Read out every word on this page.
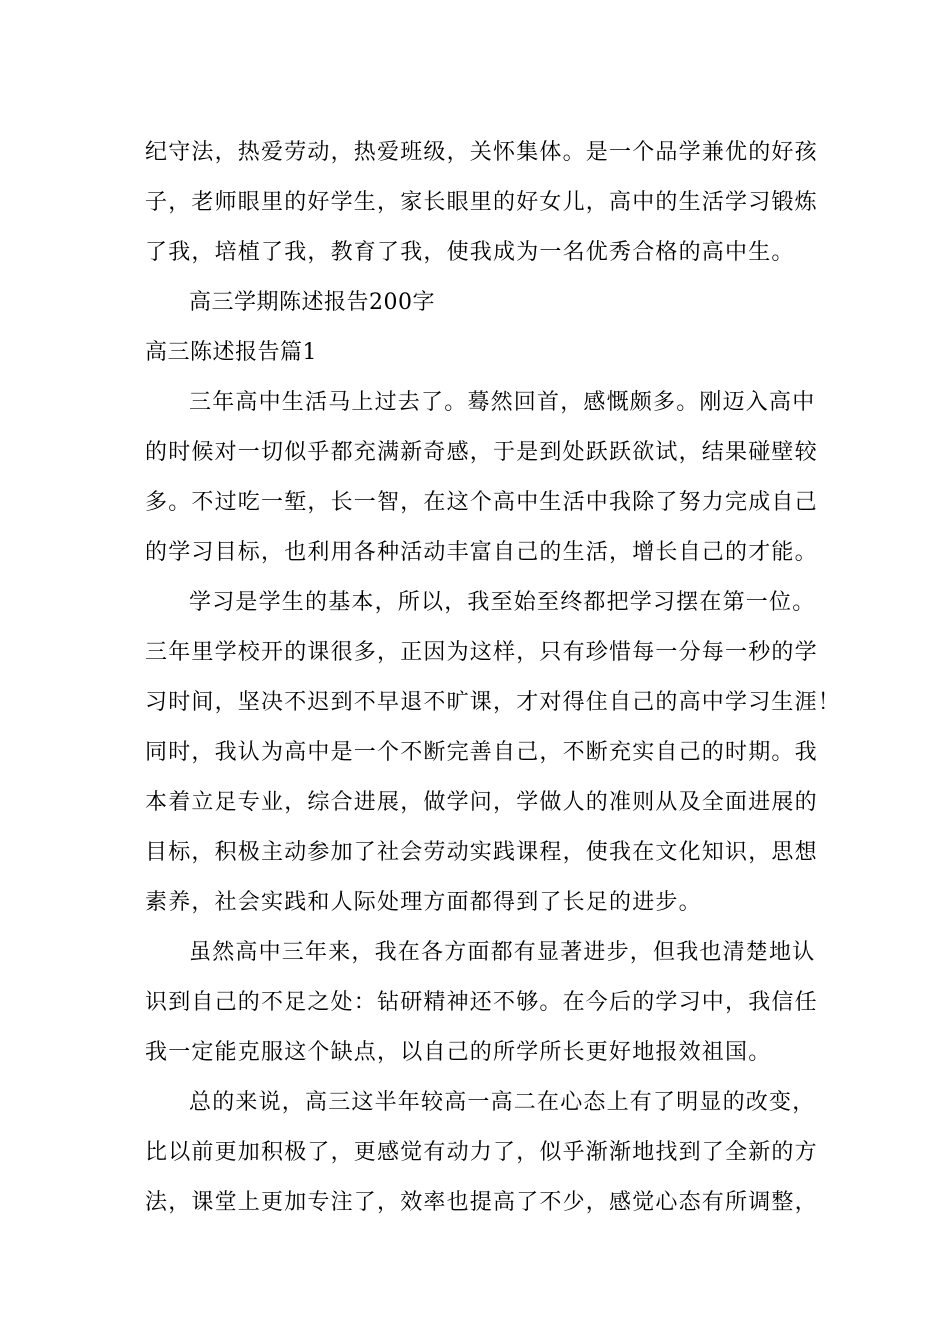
纪守法，热爱劳动，热爱班级，关怀集体。是一个品学兼优的好孩
子，老师眼里的好学生，家长眼里的好女儿，高中的生活学习锻炼
了我，培植了我，教育了我，使我成为一名优秀合格的高中生。
高三学期陈述报告200字
高三陈述报告篇1
三年高中生活马上过去了。蓦然回首，感慨颇多。刚迈入高中
的时候对一切似乎都充满新奇感，于是到处跃跃欲试，结果碰壁较
多。不过吃一堑，长一智，在这个高中生活中我除了努力完成自己
的学习目标，也利用各种活动丰富自己的生活，增长自己的才能。
学习是学生的基本，所以，我至始至终都把学习摆在第一位。
三年里学校开的课很多，正因为这样，只有珍惜每一分每一秒的学
习时间，坚决不迟到不早退不旷课，才对得住自己的高中学习生涯！
同时，我认为高中是一个不断完善自己，不断充实自己的时期。我
本着立足专业，综合进展，做学问，学做人的准则从及全面进展的
目标，积极主动参加了社会劳动实践课程，使我在文化知识，思想
素养，社会实践和人际处理方面都得到了长足的进步。
虽然高中三年来，我在各方面都有显著进步，但我也清楚地认
识到自己的不足之处：钻研精神还不够。在今后的学习中，我信任
我一定能克服这个缺点，以自己的所学所长更好地报效祖国。
总的来说，高三这半年较高一高二在心态上有了明显的改变，
比以前更加积极了，更感觉有动力了，似乎渐渐地找到了全新的方
法，课堂上更加专注了，效率也提高了不少，感觉心态有所调整，
